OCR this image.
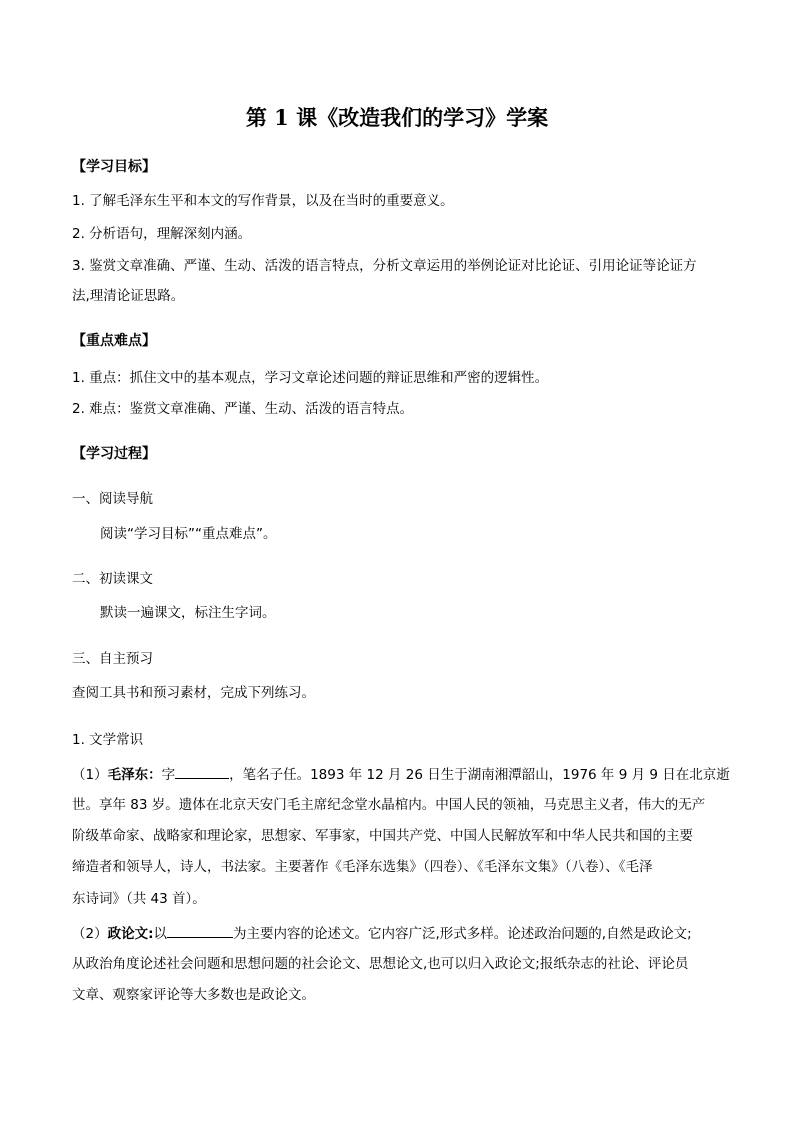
第 1 课《改造我们的学习》学案
【学习目标】
1. 了解毛泽东生平和本文的写作背景，以及在当时的重要意义。
2. 分析语句，理解深刻内涵。
3. 鉴赏文章准确、严谨、生动、活泼的语言特点，分析文章运用的举例论证对比论证、引用论证等论证方
法,理清论证思路。
【重点难点】
1. 重点：抓住文中的基本观点，学习文章论述问题的辩证思维和严密的逻辑性。
2. 难点：鉴赏文章准确、严谨、生动、活泼的语言特点。
【学习过程】
一、阅读导航
阅读“学习目标”“重点难点”。
二、初读课文
默读一遍课文，标注生字词。
三、自主预习
查阅工具书和预习素材，完成下列练习。
1. 文学常识
（1）毛泽东：字	，笔名子任。1893 年 12 月 26 日生于湖南湘潭韶山，1976 年 9 月 9 日在北京逝
世。享年 83 岁。遗体在北京天安门毛主席纪念堂水晶棺内。中国人民的领袖，马克思主义者，伟大的无产
阶级革命家、战略家和理论家，思想家、军事家，中国共产党、中国人民解放军和中华人民共和国的主要
缔造者和领导人，诗人，书法家。主要著作《毛泽东选集》（四卷）、《毛泽东文集》（八卷）、《毛泽
东诗词》（共 43 首）。
（2）政论文:以	为主要内容的论述文。它内容广泛,形式多样。论述政治问题的,自然是政论文;
从政治角度论述社会问题和思想问题的社会论文、思想论文,也可以归入政论文;报纸杂志的社论、评论员
文章、观察家评论等大多数也是政论文。
